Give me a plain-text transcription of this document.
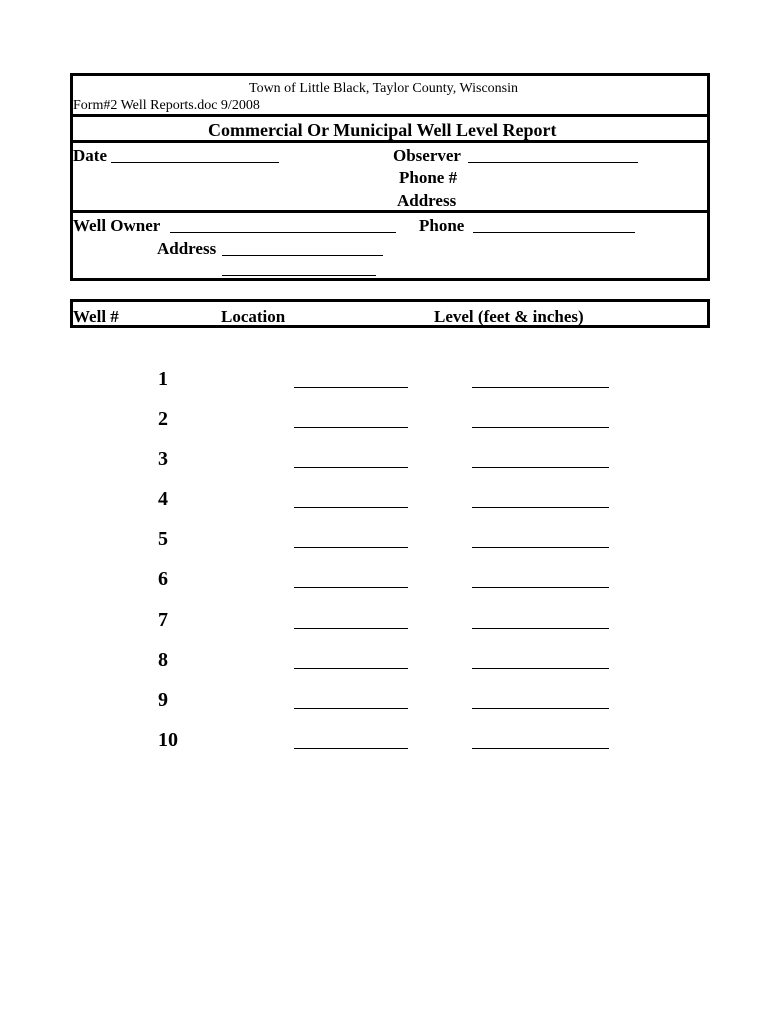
Town of Little Black, Taylor County, Wisconsin
Form#2 Well Reports.doc 9/2008
Commercial Or Municipal Well Level Report
Date	Observer
Phone #
Address
Well Owner	Phone
Address
Well #	Location	Level (feet & inches)
1
2
3
4
5
6
7
8
9
10
